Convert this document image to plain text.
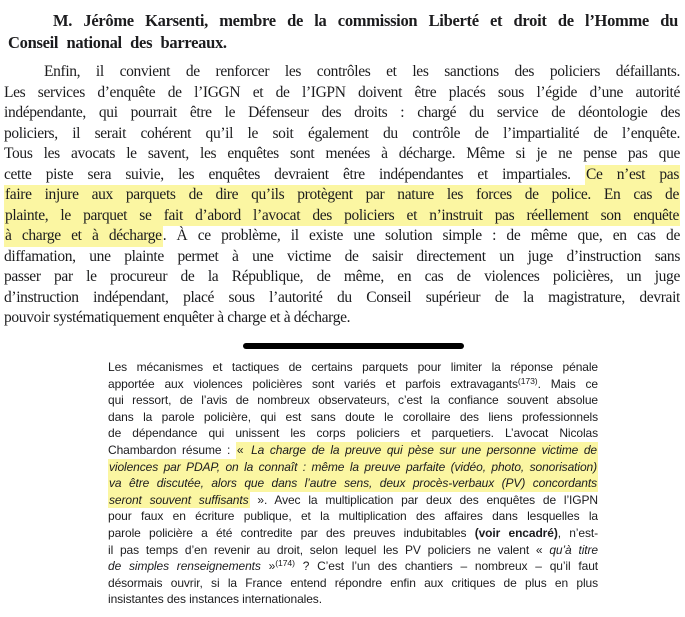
M. Jérôme Karsenti, membre de la commission Liberté et droit de l’Homme du
Conseil national des barreaux.
Enfin, il convient de renforcer les contrôles et les sanctions des policiers défaillants.
Les services d’enquête de l’IGGN et de l’IGPN doivent être placés sous l’égide d’une autorité
indépendante, qui pourrait être le Défenseur des droits : chargé du service de déontologie des
policiers, il serait cohérent qu’il le soit également du contrôle de l’impartialité de l’enquête.
Tous les avocats le savent, les enquêtes sont menées à décharge. Même si je ne pense pas que
cette piste sera suivie, les enquêtes devraient être indépendantes et impartiales. Ce n’est pas
faire injure aux parquets de dire qu’ils protègent par nature les forces de police. En cas de
plainte, le parquet se fait d’abord l’avocat des policiers et n’instruit pas réellement son enquête
à charge et à décharge. À ce problème, il existe une solution simple : de même que, en cas de
diffamation, une plainte permet à une victime de saisir directement un juge d’instruction sans
passer par le procureur de la République, de même, en cas de violences policières, un juge
d’instruction indépendant, placé sous l’autorité du Conseil supérieur de la magistrature, devrait
pouvoir systématiquement enquêter à charge et à décharge.
Les mécanismes et tactiques de certains parquets pour limiter la réponse pénale
apportée aux violences policières sont variés et parfois extravagants$^{(173)}$. Mais ce
qui ressort, de l’avis de nombreux observateurs, c’est la confiance souvent absolue
dans la parole policière, qui est sans doute le corollaire des liens professionnels
de dépendance qui unissent les corps policiers et parquetiers. L’avocat Nicolas
Chambardon résume : « La charge de la preuve qui pèse sur une personne victime de
violences par PDAP, on la connaît : même la preuve parfaite (vidéo, photo, sonorisation)
va être discutée, alors que dans l’autre sens, deux procès-verbaux (PV) concordants
seront souvent suffisants ». Avec la multiplication par deux des enquêtes de l’IGPN
pour faux en écriture publique, et la multiplication des affaires dans lesquelles la
parole policière a été contredite par des preuves indubitables (voir encadré), n’est-
il pas temps d’en revenir au droit, selon lequel les PV policiers ne valent « qu’à titre
de simples renseignements »$^{(174)}$ ? C’est l’un des chantiers – nombreux – qu’il faut
désormais ouvrir, si la France entend répondre enfin aux critiques de plus en plus
insistantes des instances internationales.
